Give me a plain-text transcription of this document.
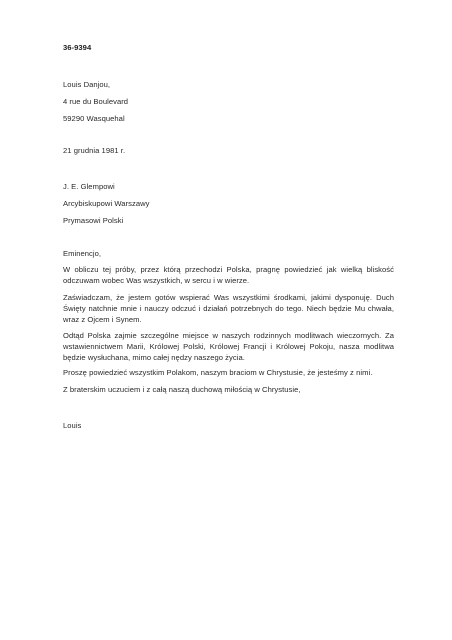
36-9394
Louis Danjou,
4 rue du Boulevard
59290 Wasquehal
21 grudnia 1981 r.
J. E. Glempowi
Arcybiskupowi Warszawy
Prymasowi Polski
Eminencjo,
W obliczu tej próby, przez którą przechodzi Polska, pragnę powiedzieć jak wielką bliskość odczuwam wobec Was wszystkich, w sercu i w wierze.
Zaświadczam, że jestem gotów wspierać Was wszystkimi środkami, jakimi dysponuję. Duch Święty natchnie mnie i nauczy odczuć i działań potrzebnych do tego. Niech będzie Mu chwała, wraz z Ojcem i Synem.
Odtąd Polska zajmie szczególne miejsce w naszych rodzinnych modlitwach wieczornych. Za wstawiennictwem Marii, Królowej Polski, Królowej Francji i Królowej Pokoju, nasza modlitwa będzie wysłuchana, mimo całej nędzy naszego życia.
Proszę powiedzieć wszystkim Polakom, naszym braciom w Chrystusie, że jesteśmy z nimi.
Z braterskim uczuciem i z całą naszą duchową miłością w Chrystusie,
Louis
